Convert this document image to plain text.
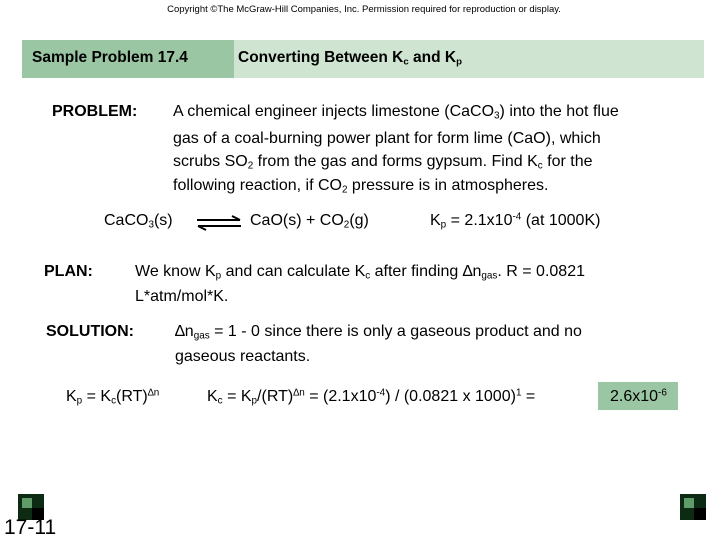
Copyright ©The McGraw-Hill Companies, Inc. Permission required for reproduction or display.
Sample Problem 17.4	Converting Between $K_c$ and $K_p$
PROBLEM: A chemical engineer injects limestone (CaCO$_3$) into the hot flue
gas of a coal-burning power plant for form lime (CaO), which
scrubs $SO_2$ from the gas and forms gypsum. Find $K_c$ for the
following reaction, if $CO_2$ pressure is in atmospheres.
CaCO$_3$(s) ⇌ $CaO(s) + CO_2(g)$	$K_p = 2.1x10^{-4}$ (at 1000K)
PLAN:	We know $K_p$ and can calculate $K_c$ after finding $\Delta n_{gas}$. R = 0.0821
L*atm/mol*K.
SOLUTION:	$\Delta n_{gas} = 1 - 0$ since there is only a gaseous product and no
gaseous reactants.
$K_p = K_c(RT)^{\Delta n}$	$K_c = K_p/(RT)^{\Delta n} = (2.1x10^{-4}) / (0.0821$ x 1000)$^1$ =	$2.6x10^{-6}$
17-11
